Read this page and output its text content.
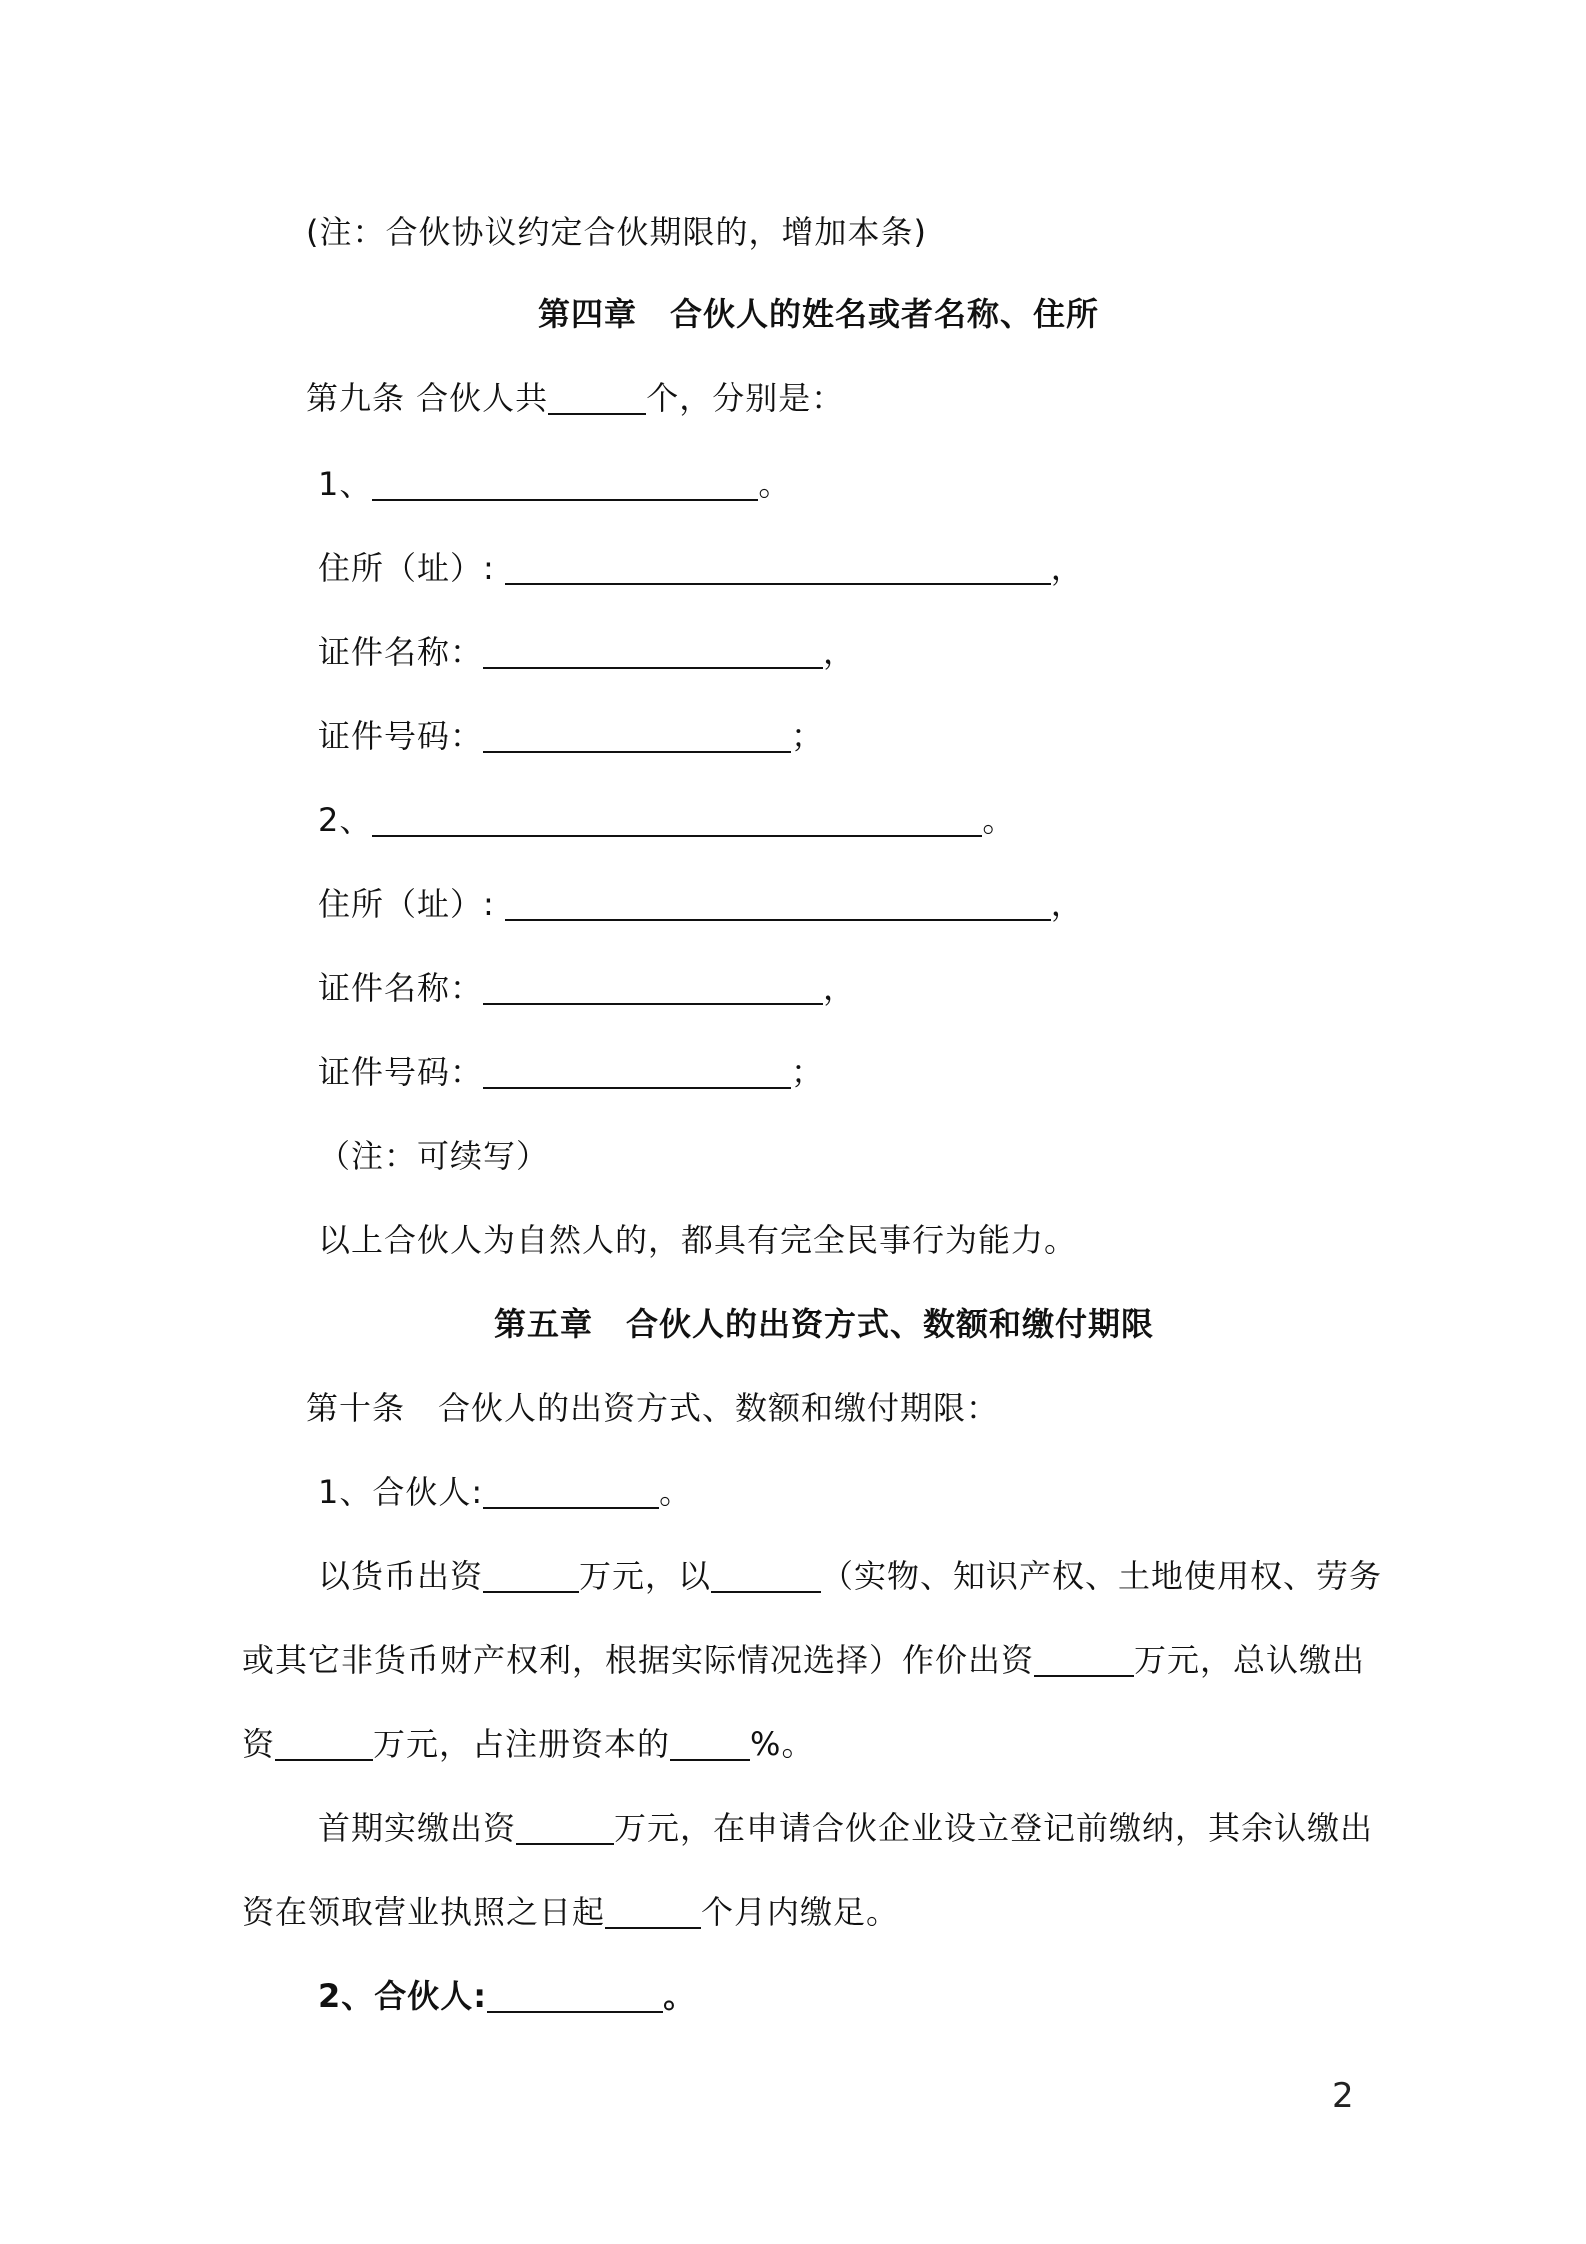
(注：合伙协议约定合伙期限的，增加本条)
第四章　合伙人的姓名或者名称、住所
第九条 合伙人共	个，分别是：
1、	。
住所（址）:	，
证件名称：	，
证件号码：	；
2、	。
住所（址）:	，
证件名称：	，
证件号码：	；
（注：可续写）
以上合伙人为自然人的，都具有完全民事行为能力。
第五章　合伙人的出资方式、数额和缴付期限
第十条　合伙人的出资方式、数额和缴付期限：
1、合伙人:	。
以货币出资	万元，以	（实物、知识产权、土地使用权、劳务
或其它非货币财产权利，根据实际情况选择）作价出资	万元，总认缴出
资	万元，占注册资本的	%。
首期实缴出资	万元，在申请合伙企业设立登记前缴纳，其余认缴出
资在领取营业执照之日起	个月内缴足。
2、合伙人:	。
2
